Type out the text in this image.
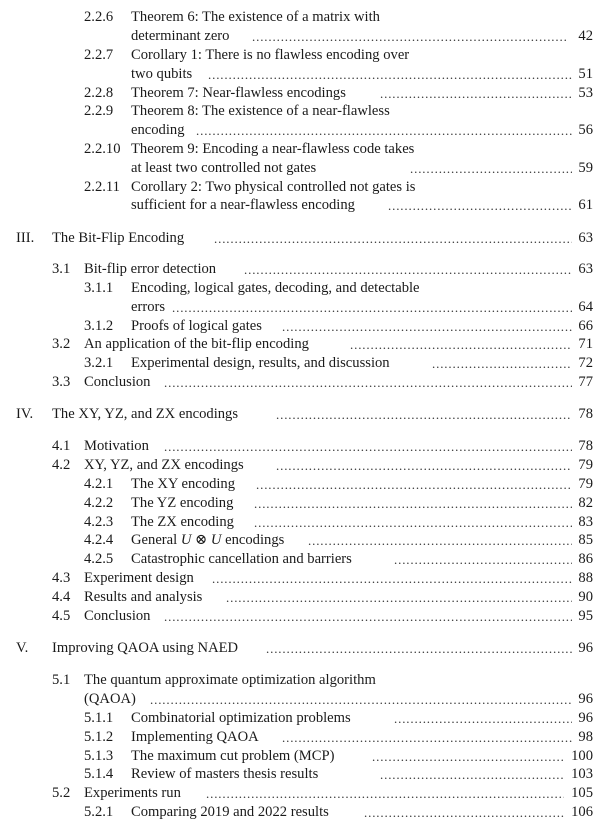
2.2.6 Theorem 6: The existence of a matrix with
determinant zero . . .	42
2.2.7 Corollary 1: There is no flawless encoding over
two qubits . . .	51
2.2.8 Theorem 7: Near-flawless encodings . . .	53
2.2.9 Theorem 8: The existence of a near-flawless
encoding . . .	56
2.2.10 Theorem 9: Encoding a near-flawless code takes
at least two controlled not gates . . .	59
2.2.11 Corollary 2: Two physical controlled not gates is
sufficient for a near-flawless encoding . . .	61
III. The Bit-Flip Encoding . . .	63
3.1 Bit-flip error detection . . .	63
3.1.1 Encoding, logical gates, decoding, and detectable
errors . . .	64
3.1.2 Proofs of logical gates . . .	66
3.2 An application of the bit-flip encoding . . .	71
3.2.1 Experimental design, results, and discussion . . .	72
3.3 Conclusion . . .	77
IV. The XY, YZ, and ZX encodings . . .	78
4.1 Motivation . . .	78
4.2 XY, YZ, and ZX encodings . . .	79
4.2.1 The XY encoding . . .	79
4.2.2 The YZ encoding . . .	82
4.2.3 The ZX encoding . . .	83
4.2.4 General U ⊗ U encodings . . .	85
4.2.5 Catastrophic cancellation and barriers . . .	86
4.3 Experiment design . . .	88
4.4 Results and analysis . . .	90
4.5 Conclusion . . .	95
V. Improving QAOA using NAED . . .	96
5.1 The quantum approximate optimization algorithm
(QAOA) . . .	96
5.1.1 Combinatorial optimization problems . . .	96
5.1.2 Implementing QAOA . . .	98
5.1.3 The maximum cut problem (MCP) . . .	100
5.1.4 Review of masters thesis results . . .	103
5.2 Experiments run . . .	105
5.2.1 Comparing 2019 and 2022 results . . .	106
